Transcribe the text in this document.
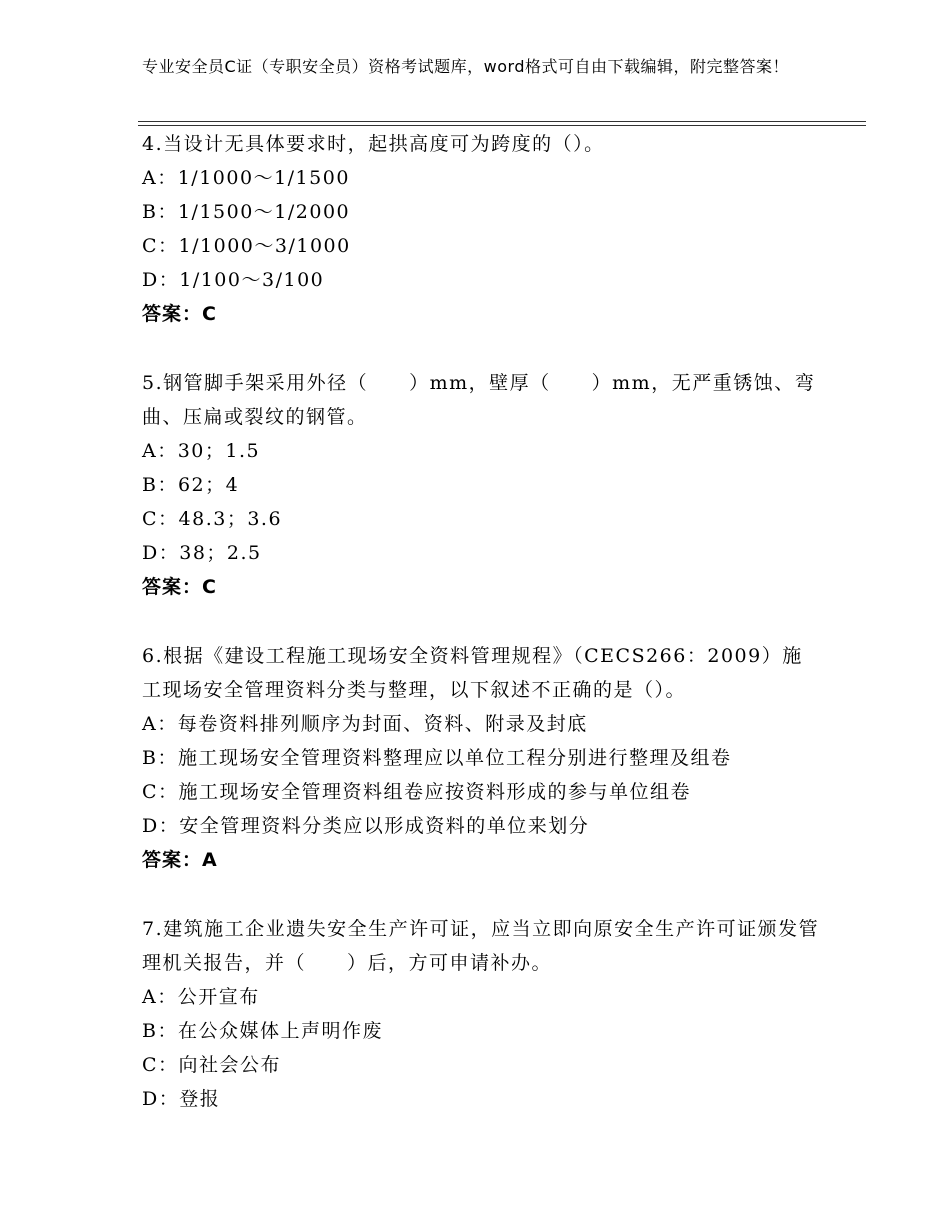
专业安全员C证（专职安全员）资格考试题库，word格式可自由下载编辑，附完整答案！

4.当设计无具体要求时，起拱高度可为跨度的（）。

A：1/1000～1/1500

B：1/1500～1/2000

C：1/1000～3/1000

D：1/100～3/100

答案：C

5.钢管脚手架采用外径（　　）mm，壁厚（　　）mm，无严重锈蚀、弯曲、压扁或裂纹的钢管。

A：30；1.5

B：62；4

C：48.3；3.6

D：38；2.5

答案：C

6.根据《建设工程施工现场安全资料管理规程》（CECS266：2009）施工现场安全管理资料分类与整理，以下叙述不正确的是（）。

A：每卷资料排列顺序为封面、资料、附录及封底

B：施工现场安全管理资料整理应以单位工程分别进行整理及组卷

C：施工现场安全管理资料组卷应按资料形成的参与单位组卷

D：安全管理资料分类应以形成资料的单位来划分

答案：A

7.建筑施工企业遗失安全生产许可证，应当立即向原安全生产许可证颁发管理机关报告，并（　　）后，方可申请补办。

A：公开宣布

B：在公众媒体上声明作废

C：向社会公布

D：登报
